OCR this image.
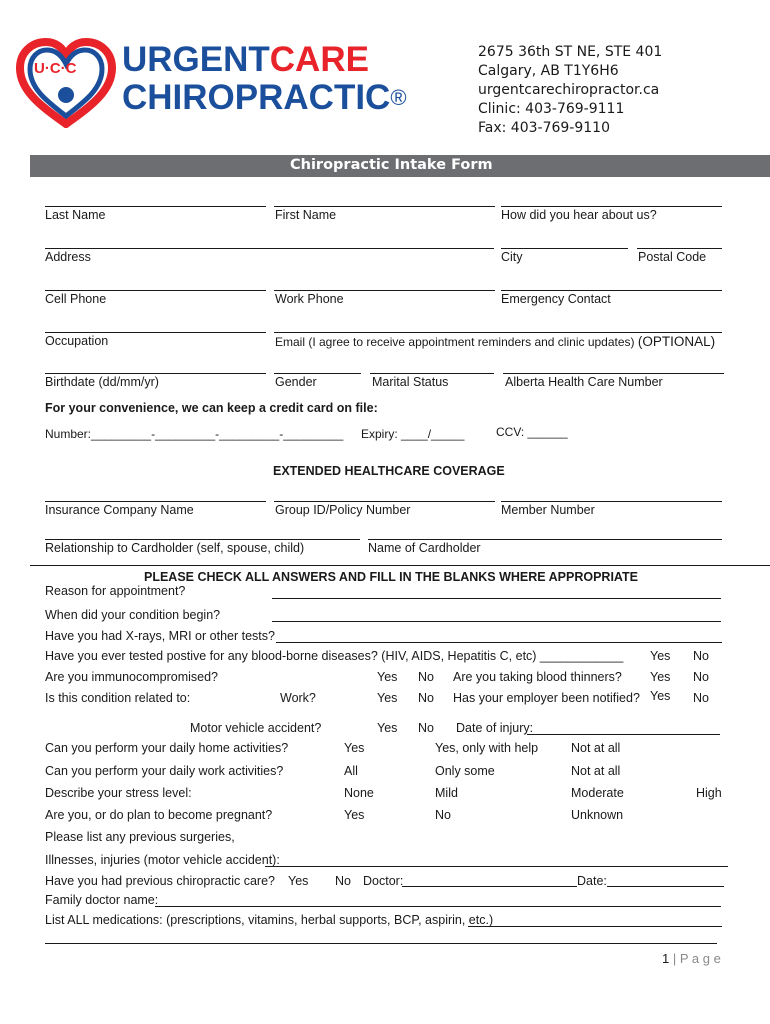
U·C·C URGENTCARE
CHIROPRACTIC®
2675 36th ST NE, STE 401
Calgary, AB T1Y6H6
urgentcarechiropractor.ca
Clinic: 403-769-9111
Fax: 403-769-9110
Chiropractic Intake Form
Last Name	First Name	How did you hear about us?
Address	City	Postal Code
Cell Phone	Work Phone	Emergency Contact
Occupation	Email (I agree to receive appointment reminders and clinic updates) (OPTIONAL)
Birthdate (dd/mm/yr)	Gender	Marital Status	Alberta Health Care Number
For your convenience, we can keep a credit card on file:
Number:_________-_________-_________-_________ Expiry: ____/_____	CCV: ______
EXTENDED HEALTHCARE COVERAGE
Insurance Company Name	Group ID/Policy Number	Member Number
Relationship to Cardholder (self, spouse, child)	Name of Cardholder
PLEASE CHECK ALL ANSWERS AND FILL IN THE BLANKS WHERE APPROPRIATE
Reason for appointment?
When did your condition begin?
Have you had X-rays, MRI or other tests?
Have you ever tested postive for any blood-borne diseases? (HIV, AIDS, Hepatitis C, etc) ____________ Yes No
Are you immunocompromised?	Yes No Are you taking blood thinners? Yes No
Is this condition related to:	Work?	Yes No Has your employer been notified? Yes No
Motor vehicle accident?	Yes No Date of injury:
Can you perform your daily home activities?	Yes	Yes, only with help	Not at all
Can you perform your daily work activities?	All	Only some	Not at all
Describe your stress level:	None	Mild	Moderate	High
Are you, or do plan to become pregnant?	Yes	No	Unknown
Please list any previous surgeries,
Illnesses, injuries (motor vehicle accident):
Have you had previous chiropractic care? Yes No Doctor:	Date:
Family doctor name:
List ALL medications: (prescriptions, vitamins, herbal supports, BCP, aspirin, etc.)
1 | P a g e
